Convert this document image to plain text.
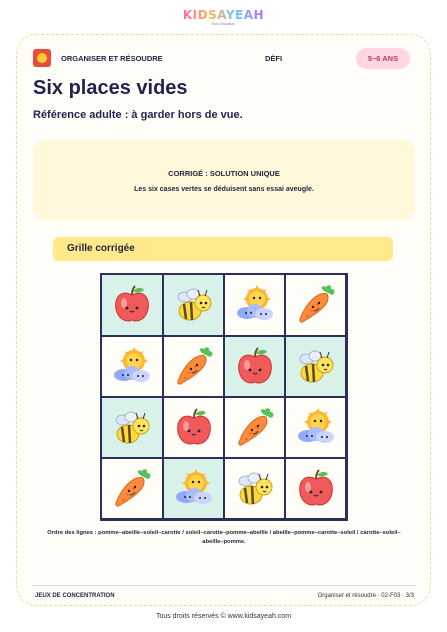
KIDSAYEAH
Kids Education
ORGANISER ET RÉSOUDRE	DÉFI	5–6 ANS
Six places vides
Référence adulte : à garder hors de vue.
CORRIGÉ : SOLUTION UNIQUE
Les six cases vertes se déduisent sans essai aveugle.
Grille corrigée
Ordre des lignes : pomme–abeille–soleil–carotte / soleil–carotte–pomme–abeille / abeille–pomme–carotte–soleil / carotte–soleil–abeille–pomme.
JEUX DE CONCENTRATION	Organiser et résoudre · 02-F03 · 3/3
Tous droits réservés © www.kidsayeah.com
